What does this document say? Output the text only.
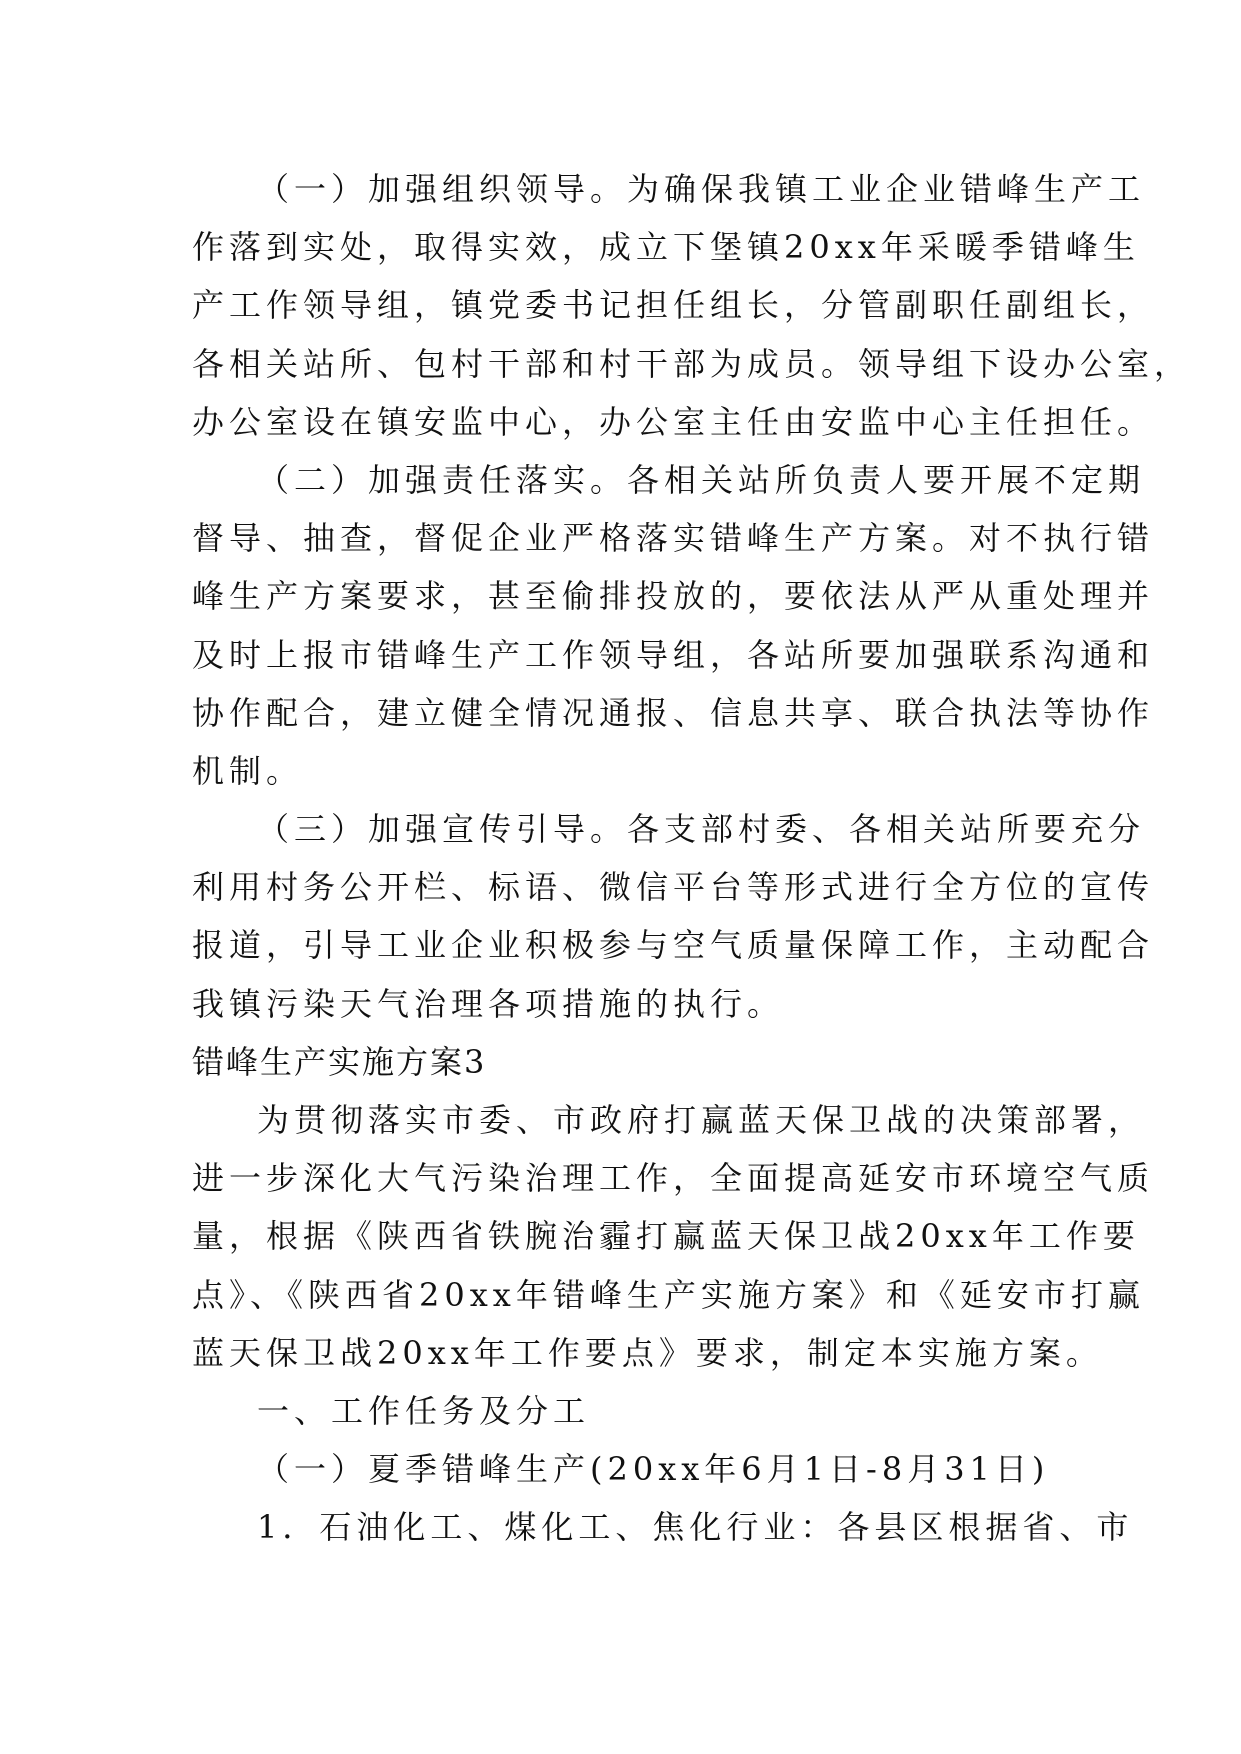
（一）加强组织领导。为确保我镇工业企业错峰生产工
作落到实处，取得实效，成立下堡镇20xx年采暖季错峰生
产工作领导组，镇党委书记担任组长，分管副职任副组长，
各相关站所、包村干部和村干部为成员。领导组下设办公室，
办公室设在镇安监中心，办公室主任由安监中心主任担任。
（二）加强责任落实。各相关站所负责人要开展不定期
督导、抽查，督促企业严格落实错峰生产方案。对不执行错
峰生产方案要求，甚至偷排投放的，要依法从严从重处理并
及时上报市错峰生产工作领导组，各站所要加强联系沟通和
协作配合，建立健全情况通报、信息共享、联合执法等协作
机制。
（三）加强宣传引导。各支部村委、各相关站所要充分
利用村务公开栏、标语、微信平台等形式进行全方位的宣传
报道，引导工业企业积极参与空气质量保障工作，主动配合
我镇污染天气治理各项措施的执行。
错峰生产实施方案3
为贯彻落实市委、市政府打赢蓝天保卫战的决策部署，
进一步深化大气污染治理工作，全面提高延安市环境空气质
量，根据《陕西省铁腕治霾打赢蓝天保卫战20xx年工作要
点》、《陕西省20xx年错峰生产实施方案》和《延安市打赢
蓝天保卫战20xx年工作要点》要求，制定本实施方案。
一、工作任务及分工
（一）夏季错峰生产(20xx年6月1日-8月31日)
1．石油化工、煤化工、焦化行业：各县区根据省、市
